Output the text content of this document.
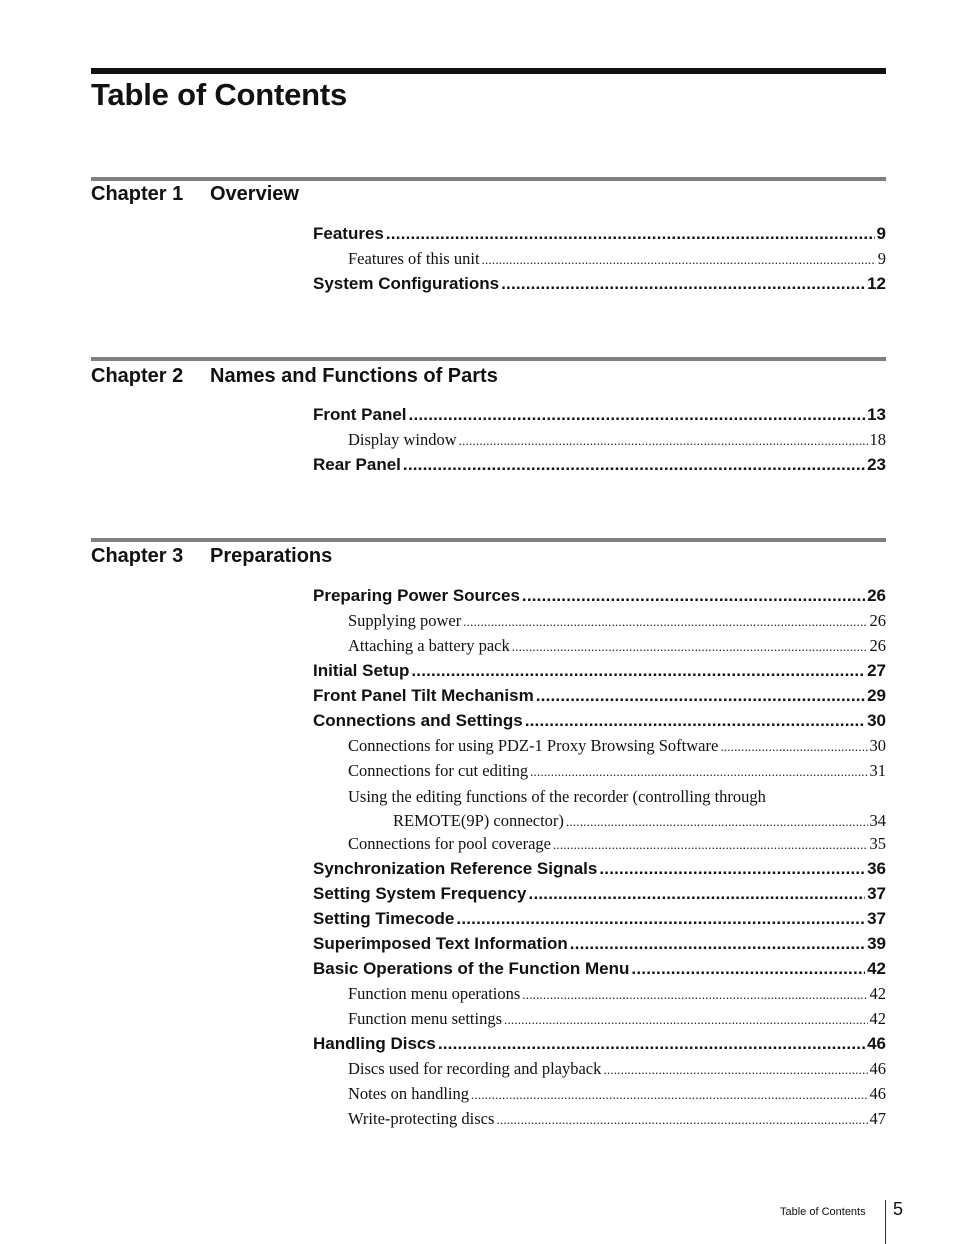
Table of Contents
Chapter 1 Overview
Features .....	9
Features of this unit .....	9
System Configurations .....	12
Chapter 2 Names and Functions of Parts
Front Panel .....	13
Display window .....	18
Rear Panel .....	23
Chapter 3 Preparations
Preparing Power Sources .....	26
Supplying power .....	26
Attaching a battery pack .....	26
Initial Setup .....	27
Front Panel Tilt Mechanism .....	29
Connections and Settings .....	30
Connections for using PDZ-1 Proxy Browsing Software .....	30
Connections for cut editing .....	31
Using the editing functions of the recorder (controlling through
REMOTE(9P) connector) .....	34
Connections for pool coverage .....	35
Synchronization Reference Signals .....	36
Setting System Frequency .....	37
Setting Timecode .....	37
Superimposed Text Information .....	39
Basic Operations of the Function Menu .....	42
Function menu operations .....	42
Function menu settings .....	42
Handling Discs .....	46
Discs used for recording and playback .....	46
Notes on handling .....	46
Write-protecting discs .....	47
Table of Contents 5
